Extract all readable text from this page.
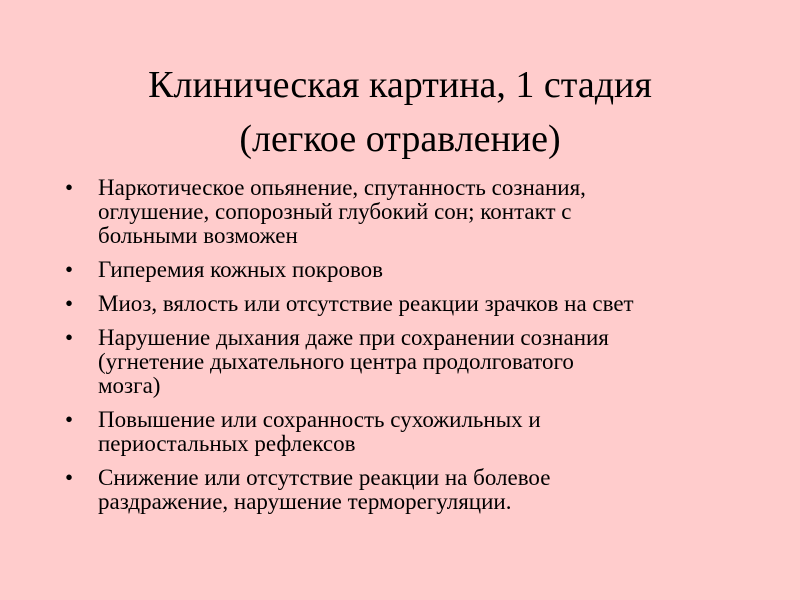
Клиническая картина, 1 стадия
(легкое отравление)
• Наркотическое опьянение, спутанность сознания,
оглушение, сопорозный глубокий сон; контакт с
больными возможен
• Гиперемия кожных покровов
• Миоз, вялость или отсутствие реакции зрачков на свет
• Нарушение дыхания даже при сохранении сознания
(угнетение дыхательного центра продолговатого
мозга)
• Повышение или сохранность сухожильных и
периостальных рефлексов
• Снижение или отсутствие реакции на болевое
раздражение, нарушение терморегуляции.
